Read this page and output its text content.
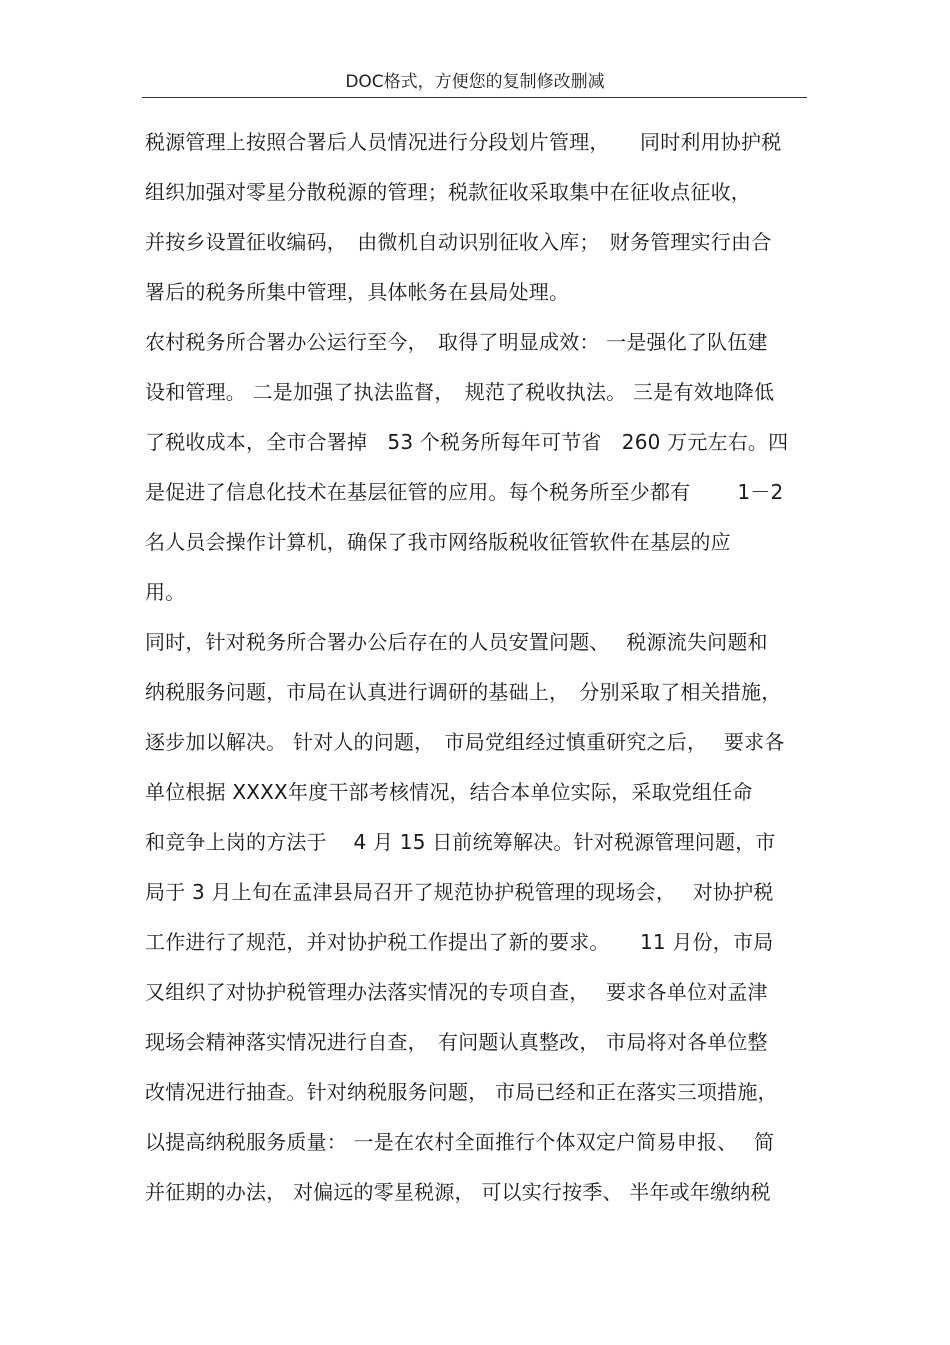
DOC格式，方便您的复制修改删减
税源管理上按照合署后人员情况进行分段划片管理，　　同时利用协护税
组织加强对零星分散税源的管理；税款征收采取集中在征收点征收，
并按乡设置征收编码，　由微机自动识别征收入库；　财务管理实行由合
署后的税务所集中管理，具体帐务在县局处理。
农村税务所合署办公运行至今，　取得了明显成效： 一是强化了队伍建
设和管理。 二是加强了执法监督，　规范了税收执法。 三是有效地降低
了税收成本，全市合署掉　53 个税务所每年可节省　260 万元左右。四
是促进了信息化技术在基层征管的应用。每个税务所至少都有　　 1－2
名人员会操作计算机，确保了我市网络版税收征管软件在基层的应
用。
同时，针对税务所合署办公后存在的人员安置问题、　 税源流失问题和
纳税服务问题，市局在认真进行调研的基础上，　分别采取了相关措施，
逐步加以解决。 针对人的问题，　市局党组经过慎重研究之后，　 要求各
单位根据 XXXX年度干部考核情况，结合本单位实际，采取党组任命
和竞争上岗的方法于　 4 月 15 日前统筹解决。针对税源管理问题，市
局于 3 月上旬在孟津县局召开了规范协护税管理的现场会，　 对协护税
工作进行了规范，并对协护税工作提出了新的要求。　　11 月份，市局
又组织了对协护税管理办法落实情况的专项自查，　 要求各单位对孟津
现场会精神落实情况进行自查，　有问题认真整改， 市局将对各单位整
改情况进行抽查。针对纳税服务问题， 市局已经和正在落实三项措施，
以提高纳税服务质量： 一是在农村全面推行个体双定户简易申报、　 简
并征期的办法， 对偏远的零星税源， 可以实行按季、 半年或年缴纳税
